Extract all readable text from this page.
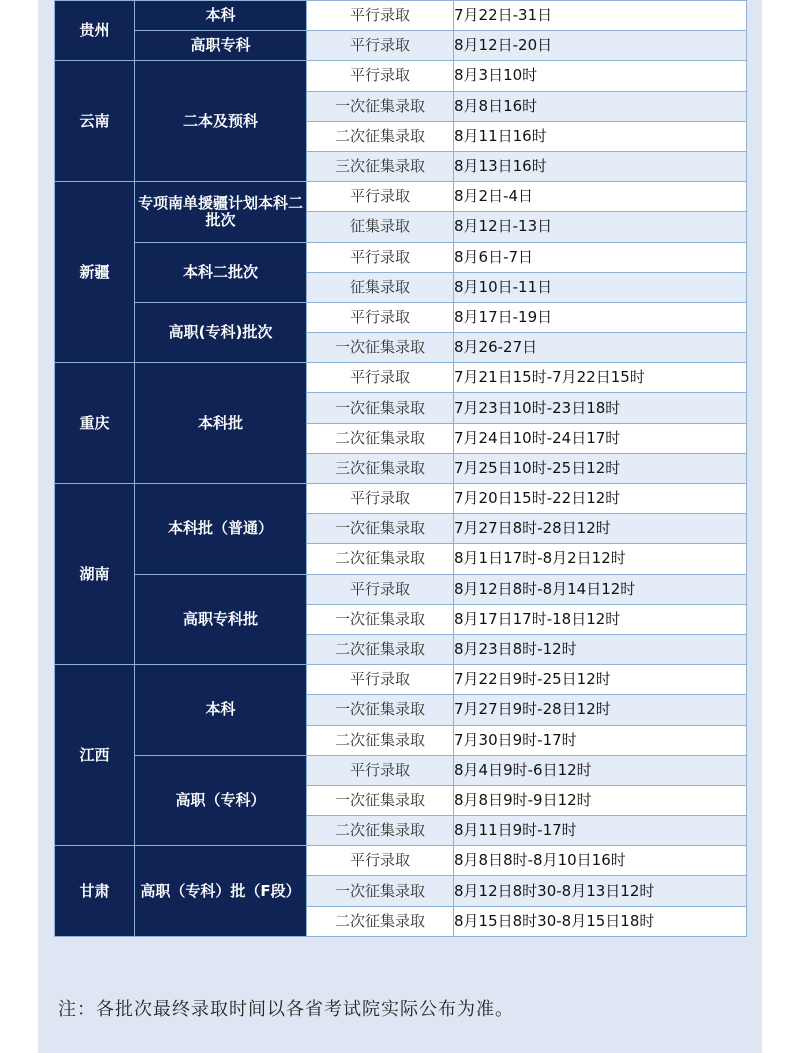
贵州	本科	平行录取	7月22日-31日
	高职专科	平行录取	8月12日-20日
云南	二本及预科	平行录取	8月3日10时
		一次征集录取	8月8日16时
		二次征集录取	8月11日16时
		三次征集录取	8月13日16时
新疆	专项南单援疆计划本科二批次	平行录取	8月2日-4日
		征集录取	8月12日-13日
	本科二批次	平行录取	8月6日-7日
		征集录取	8月10日-11日
	高职(专科)批次	平行录取	8月17日-19日
		一次征集录取	8月26-27日
重庆	本科批	平行录取	7月21日15时-7月22日15时
		一次征集录取	7月23日10时-23日18时
		二次征集录取	7月24日10时-24日17时
		三次征集录取	7月25日10时-25日12时
湖南	本科批（普通）	平行录取	7月20日15时-22日12时
		一次征集录取	7月27日8时-28日12时
		二次征集录取	8月1日17时-8月2日12时
	高职专科批	平行录取	8月12日8时-8月14日12时
		一次征集录取	8月17日17时-18日12时
		二次征集录取	8月23日8时-12时
江西	本科	平行录取	7月22日9时-25日12时
		一次征集录取	7月27日9时-28日12时
		二次征集录取	7月30日9时-17时
	高职（专科）	平行录取	8月4日9时-6日12时
		一次征集录取	8月8日9时-9日12时
		二次征集录取	8月11日9时-17时
甘肃	高职（专科）批（F段）	平行录取	8月8日8时-8月10日16时
		一次征集录取	8月12日8时30-8月13日12时
		二次征集录取	8月15日8时30-8月15日18时
注：各批次最终录取时间以各省考试院实际公布为准。
